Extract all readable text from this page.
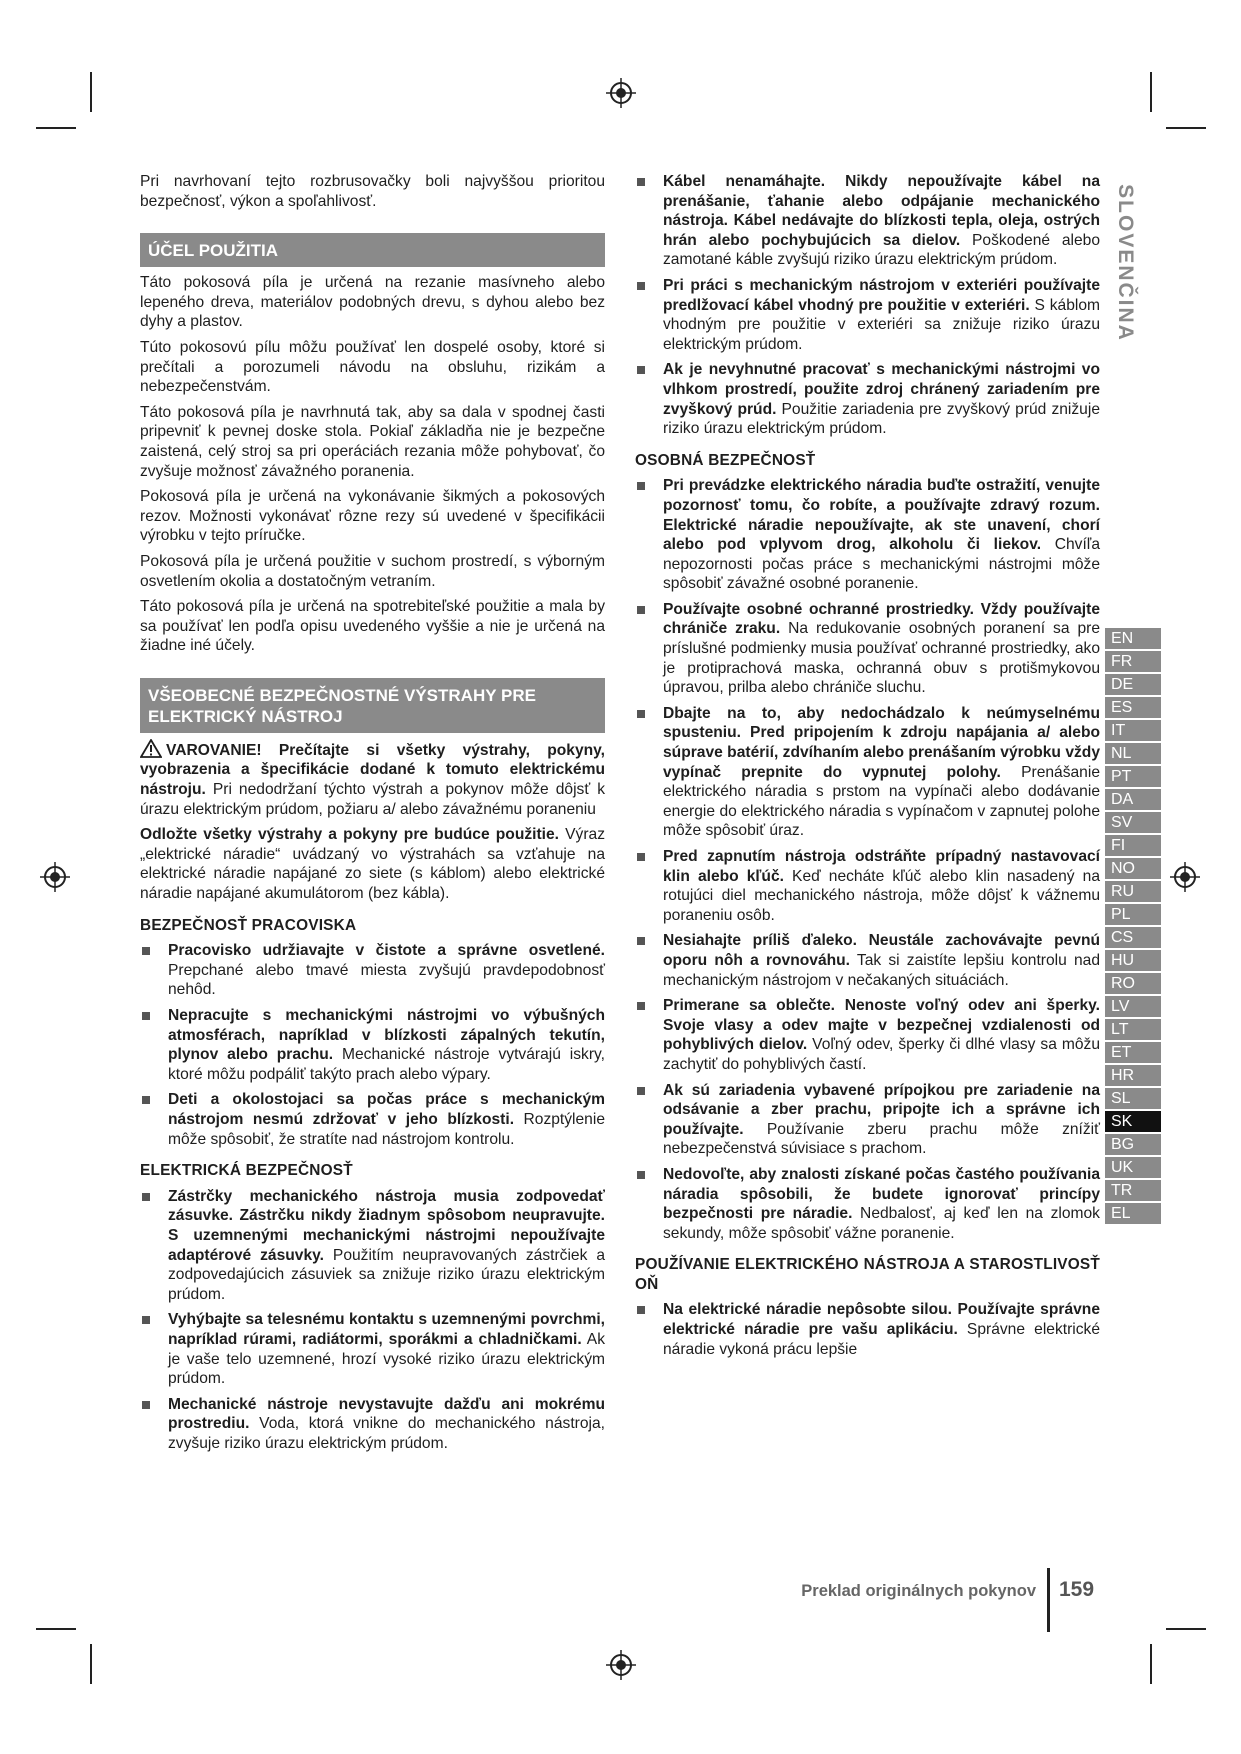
Pri navrhovaní tejto rozbrusovačky boli najvyššou prioritou bezpečnosť, výkon a spoľahlivosť.

ÚČEL POUŽITIA

Táto pokosová píla je určená na rezanie masívneho alebo lepeného dreva, materiálov podobných drevu, s dyhou alebo bez dyhy a plastov.

Túto pokosovú pílu môžu používať len dospelé osoby, ktoré si prečítali a porozumeli návodu na obsluhu, rizikám a nebezpečenstvám.

Táto pokosová píla je navrhnutá tak, aby sa dala v spodnej časti pripevniť k pevnej doske stola. Pokiaľ základňa nie je bezpečne zaistená, celý stroj sa pri operáciách rezania môže pohybovať, čo zvyšuje možnosť závažného poranenia.

Pokosová píla je určená na vykonávanie šikmých a pokosových rezov. Možnosti vykonávať rôzne rezy sú uvedené v špecifikácii výrobku v tejto príručke.

Pokosová píla je určená použitie v suchom prostredí, s výborným osvetlením okolia a dostatočným vetraním.

Táto pokosová píla je určená na spotrebiteľské použitie a mala by sa používať len podľa opisu uvedeného vyššie a nie je určená na žiadne iné účely.

VŠEOBECNÉ BEZPEČNOSTNÉ VÝSTRAHY PRE
ELEKTRICKÝ NÁSTROJ

VAROVANIE! Prečítajte si všetky výstrahy, pokyny, vyobrazenia a špecifikácie dodané k tomuto elektrickému nástroju. Pri nedodržaní týchto výstrah a pokynov môže dôjsť k úrazu elektrickým prúdom, požiaru a/ alebo závažnému poraneniu

Odložte všetky výstrahy a pokyny pre budúce použitie. Výraz „elektrické náradie“ uvádzaný vo výstrahách sa vzťahuje na elektrické náradie napájané zo siete (s káblom) alebo elektrické náradie napájané akumulátorom (bez kábla).

BEZPEČNOSŤ PRACOVISKA
Pracovisko udržiavajte v čistote a správne osvetlené. Prepchané alebo tmavé miesta zvyšujú pravdepodobnosť nehôd.
Nepracujte s mechanickými nástrojmi vo výbušných atmosférach, napríklad v blízkosti zápalných tekutín, plynov alebo prachu. Mechanické nástroje vytvárajú iskry, ktoré môžu podpáliť takýto prach alebo výpary.
Deti a okolostojaci sa počas práce s mechanickým nástrojom nesmú zdržovať v jeho blízkosti. Rozptýlenie môže spôsobiť, že stratíte nad nástrojom kontrolu.
ELEKTRICKÁ BEZPEČNOSŤ
Zástrčky mechanického nástroja musia zodpovedať zásuvke. Zástrčku nikdy žiadnym spôsobom neupravujte. S uzemnenými mechanickými nástrojmi nepoužívajte adaptérové zásuvky. Použitím neupravovaných zástrčiek a zodpovedajúcich zásuviek sa znižuje riziko úrazu elektrickým prúdom.
Vyhýbajte sa telesnému kontaktu s uzemnenými povrchmi, napríklad rúrami, radiátormi, sporákmi a chladničkami. Ak je vaše telo uzemnené, hrozí vysoké riziko úrazu elektrickým prúdom.
Mechanické nástroje nevystavujte dažďu ani mokrému prostrediu. Voda, ktorá vnikne do mechanického nástroja, zvyšuje riziko úrazu elektrickým prúdom.
Kábel nenamáhajte. Nikdy nepoužívajte kábel na prenášanie, ťahanie alebo odpájanie mechanického nástroja. Kábel nedávajte do blízkosti tepla, oleja, ostrých hrán alebo pochybujúcich sa dielov. Poškodené alebo zamotané káble zvyšujú riziko úrazu elektrickým prúdom.
Pri práci s mechanickým nástrojom v exteriéri používajte predlžovací kábel vhodný pre použitie v exteriéri. S káblom vhodným pre použitie v exteriéri sa znižuje riziko úrazu elektrickým prúdom.
Ak je nevyhnutné pracovať s mechanickými nástrojmi vo vlhkom prostredí, použite zdroj chránený zariadením pre zvyškový prúd. Použitie zariadenia pre zvyškový prúd znižuje riziko úrazu elektrickým prúdom.
OSOBNÁ BEZPEČNOSŤ
Pri prevádzke elektrického náradia buďte ostražití, venujte pozornosť tomu, čo robíte, a používajte zdravý rozum. Elektrické náradie nepoužívajte, ak ste unavení, chorí alebo pod vplyvom drog, alkoholu či liekov. Chvíľa nepozornosti počas práce s mechanickými nástrojmi môže spôsobiť závažné osobné poranenie.
Používajte osobné ochranné prostriedky. Vždy používajte chrániče zraku. Na redukovanie osobných poranení sa pre príslušné podmienky musia používať ochranné prostriedky, ako je protiprachová maska, ochranná obuv s protišmykovou úpravou, prilba alebo chrániče sluchu.
Dbajte na to, aby nedochádzalo k neúmyselnému spusteniu. Pred pripojením k zdroju napájania a/ alebo súprave batérií, zdvíhaním alebo prenášaním výrobku vždy vypínač prepnite do vypnutej polohy. Prenášanie elektrického náradia s prstom na vypínači alebo dodávanie energie do elektrického náradia s vypínačom v zapnutej polohe môže spôsobiť úraz.
Pred zapnutím nástroja odstráňte prípadný nastavovací klin alebo kľúč. Keď necháte kľúč alebo klin nasadený na rotujúci diel mechanického nástroja, môže dôjsť k vážnemu poraneniu osôb.
Nesiahajte príliš ďaleko. Neustále zachovávajte pevnú oporu nôh a rovnováhu. Tak si zaistíte lepšiu kontrolu nad mechanickým nástrojom v nečakaných situáciách.
Primerane sa oblečte. Nenoste voľný odev ani šperky. Svoje vlasy a odev majte v bezpečnej vzdialenosti od pohyblivých dielov. Voľný odev, šperky či dlhé vlasy sa môžu zachytiť do pohyblivých častí.
Ak sú zariadenia vybavené prípojkou pre zariadenie na odsávanie a zber prachu, pripojte ich a správne ich používajte. Používanie zberu prachu môže znížiť nebezpečenstvá súvisiace s prachom.
Nedovoľte, aby znalosti získané počas častého používania náradia spôsobili, že budete ignorovať princípy bezpečnosti pre náradie. Nedbalosť, aj keď len na zlomok sekundy, môže spôsobiť vážne poranenie.
POUŽÍVANIE ELEKTRICKÉHO NÁSTROJA A STAROSTLIVOSŤ OŇ
Na elektrické náradie nepôsobte silou. Používajte správne elektrické náradie pre vašu aplikáciu. Správne elektrické náradie vykoná prácu lepšie
SLOVENČINA
EN
FR
DE
ES
IT
NL
PT
DA
SV
FI
NO
RU
PL
CS
HU
RO
LV
LT
ET
HR
SL
SK
BG
UK
TR
EL
Preklad originálnych pokynov 159
